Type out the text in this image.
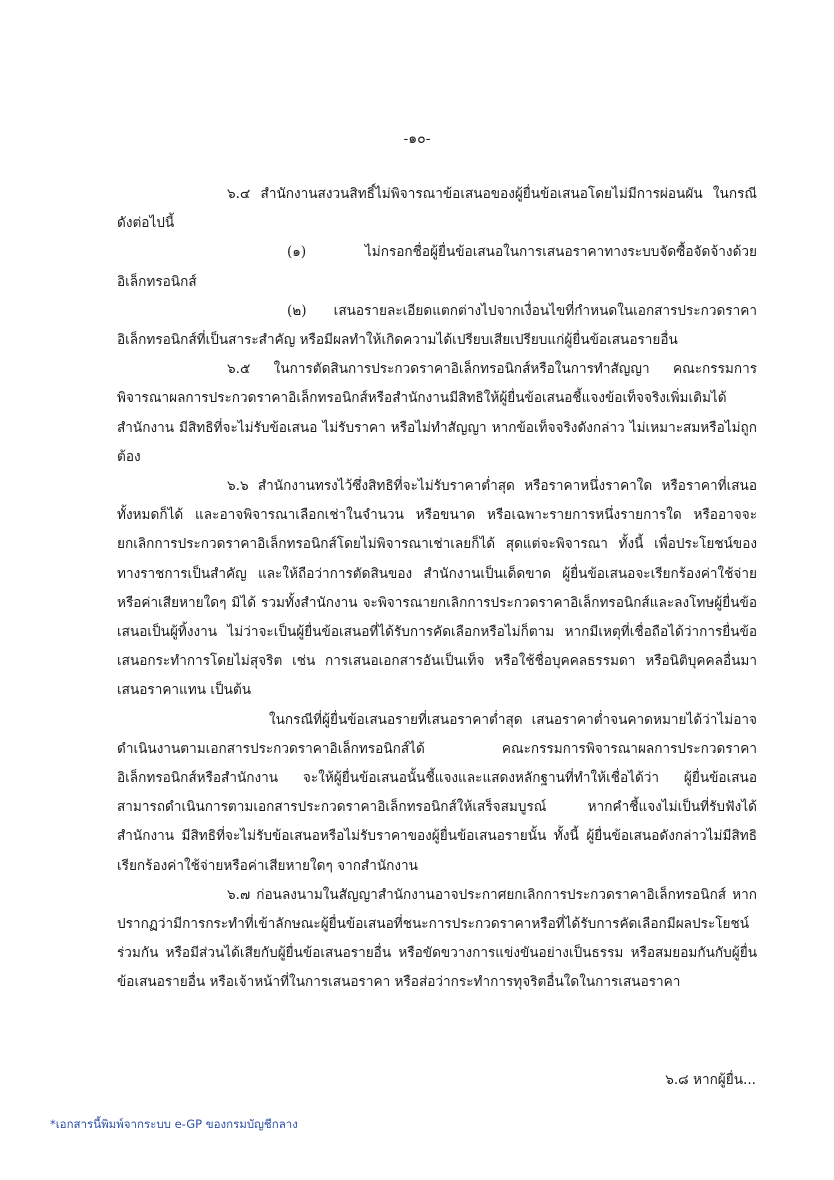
-๑๐-

๖.๔ สำนักงานสงวนสิทธิ์ไม่พิจารณาข้อเสนอของผู้ยื่นข้อเสนอโดยไม่มีการผ่อนผัน ในกรณีดังต่อไปนี้

(๑) ไม่กรอกชื่อผู้ยื่นข้อเสนอในการเสนอราคาทางระบบจัดซื้อจัดจ้างด้วย อิเล็กทรอนิกส์

(๒) เสนอรายละเอียดแตกต่างไปจากเงื่อนไขที่กำหนดในเอกสารประกวดราคา อิเล็กทรอนิกส์ที่เป็นสาระสำคัญ หรือมีผลทำให้เกิดความได้เปรียบเสียเปรียบแก่ผู้ยื่นข้อเสนอรายอื่น

๖.๕ ในการตัดสินการประกวดราคาอิเล็กทรอนิกส์หรือในการทำสัญญา คณะกรรมการพิจารณาผลการประกวดราคาอิเล็กทรอนิกส์หรือสำนักงานมีสิทธิให้ผู้ยื่นข้อเสนอชี้แจงข้อเท็จจริงเพิ่มเติมได้ สำนักงาน มีสิทธิที่จะไม่รับข้อเสนอ ไม่รับราคา หรือไม่ทำสัญญา หากข้อเท็จจริงดังกล่าว ไม่เหมาะสมหรือไม่ถูกต้อง

๖.๖ สำนักงานทรงไว้ซึ่งสิทธิที่จะไม่รับราคาต่ำสุด หรือราคาหนึ่งราคาใด หรือราคาที่เสนอทั้งหมดก็ได้ และอาจพิจารณาเลือกเช่าในจำนวน หรือขนาด หรือเฉพาะรายการหนึ่งรายการใด หรืออาจจะยกเลิกการประกวดราคาอิเล็กทรอนิกส์โดยไม่พิจารณาเช่าเลยก็ได้ สุดแต่จะพิจารณา ทั้งนี้ เพื่อประโยชน์ของทางราชการเป็นสำคัญ และให้ถือว่าการตัดสินของ สำนักงานเป็นเด็ดขาด ผู้ยื่นข้อเสนอจะเรียกร้องค่าใช้จ่าย หรือค่าเสียหายใดๆ มิได้ รวมทั้งสำนักงาน จะพิจารณายกเลิกการประกวดราคาอิเล็กทรอนิกส์และลงโทษผู้ยื่นข้อเสนอเป็นผู้ทิ้งงาน ไม่ว่าจะเป็นผู้ยื่นข้อเสนอที่ได้รับการคัดเลือกหรือไม่ก็ตาม หากมีเหตุที่เชื่อถือได้ว่าการยื่นข้อเสนอกระทำการโดยไม่สุจริต เช่น การเสนอเอกสารอันเป็นเท็จ หรือใช้ชื่อบุคคลธรรมดา หรือนิติบุคคลอื่นมาเสนอราคาแทน เป็นต้น

ในกรณีที่ผู้ยื่นข้อเสนอรายที่เสนอราคาต่ำสุด เสนอราคาต่ำจนคาดหมายได้ว่าไม่อาจดำเนินงานตามเอกสารประกวดราคาอิเล็กทรอนิกส์ได้ คณะกรรมการพิจารณาผลการประกวดราคาอิเล็กทรอนิกส์หรือสำนักงาน จะให้ผู้ยื่นข้อเสนอนั้นชี้แจงและแสดงหลักฐานที่ทำให้เชื่อได้ว่า ผู้ยื่นข้อเสนอสามารถดำเนินการตามเอกสารประกวดราคาอิเล็กทรอนิกส์ให้เสร็จสมบูรณ์ หากคำชี้แจงไม่เป็นที่รับฟังได้ สำนักงาน มีสิทธิที่จะไม่รับข้อเสนอหรือไม่รับราคาของผู้ยื่นข้อเสนอรายนั้น ทั้งนี้ ผู้ยื่นข้อเสนอดังกล่าวไม่มีสิทธิเรียกร้องค่าใช้จ่ายหรือค่าเสียหายใดๆ จากสำนักงาน

๖.๗ ก่อนลงนามในสัญญาสำนักงานอาจประกาศยกเลิกการประกวดราคาอิเล็กทรอนิกส์ หากปรากฏว่ามีการกระทำที่เข้าลักษณะผู้ยื่นข้อเสนอที่ชนะการประกวดราคาหรือที่ได้รับการคัดเลือกมีผลประโยชน์ร่วมกัน หรือมีส่วนได้เสียกับผู้ยื่นข้อเสนอรายอื่น หรือขัดขวางการแข่งขันอย่างเป็นธรรม หรือสมยอมกันกับผู้ยื่นข้อเสนอรายอื่น หรือเจ้าหน้าที่ในการเสนอราคา หรือส่อว่ากระทำการทุจริตอื่นใดในการเสนอราคา

๖.๘ หากผู้ยื่น...
*เอกสารนี้พิมพ์จากระบบ e-GP ของกรมบัญชีกลาง
